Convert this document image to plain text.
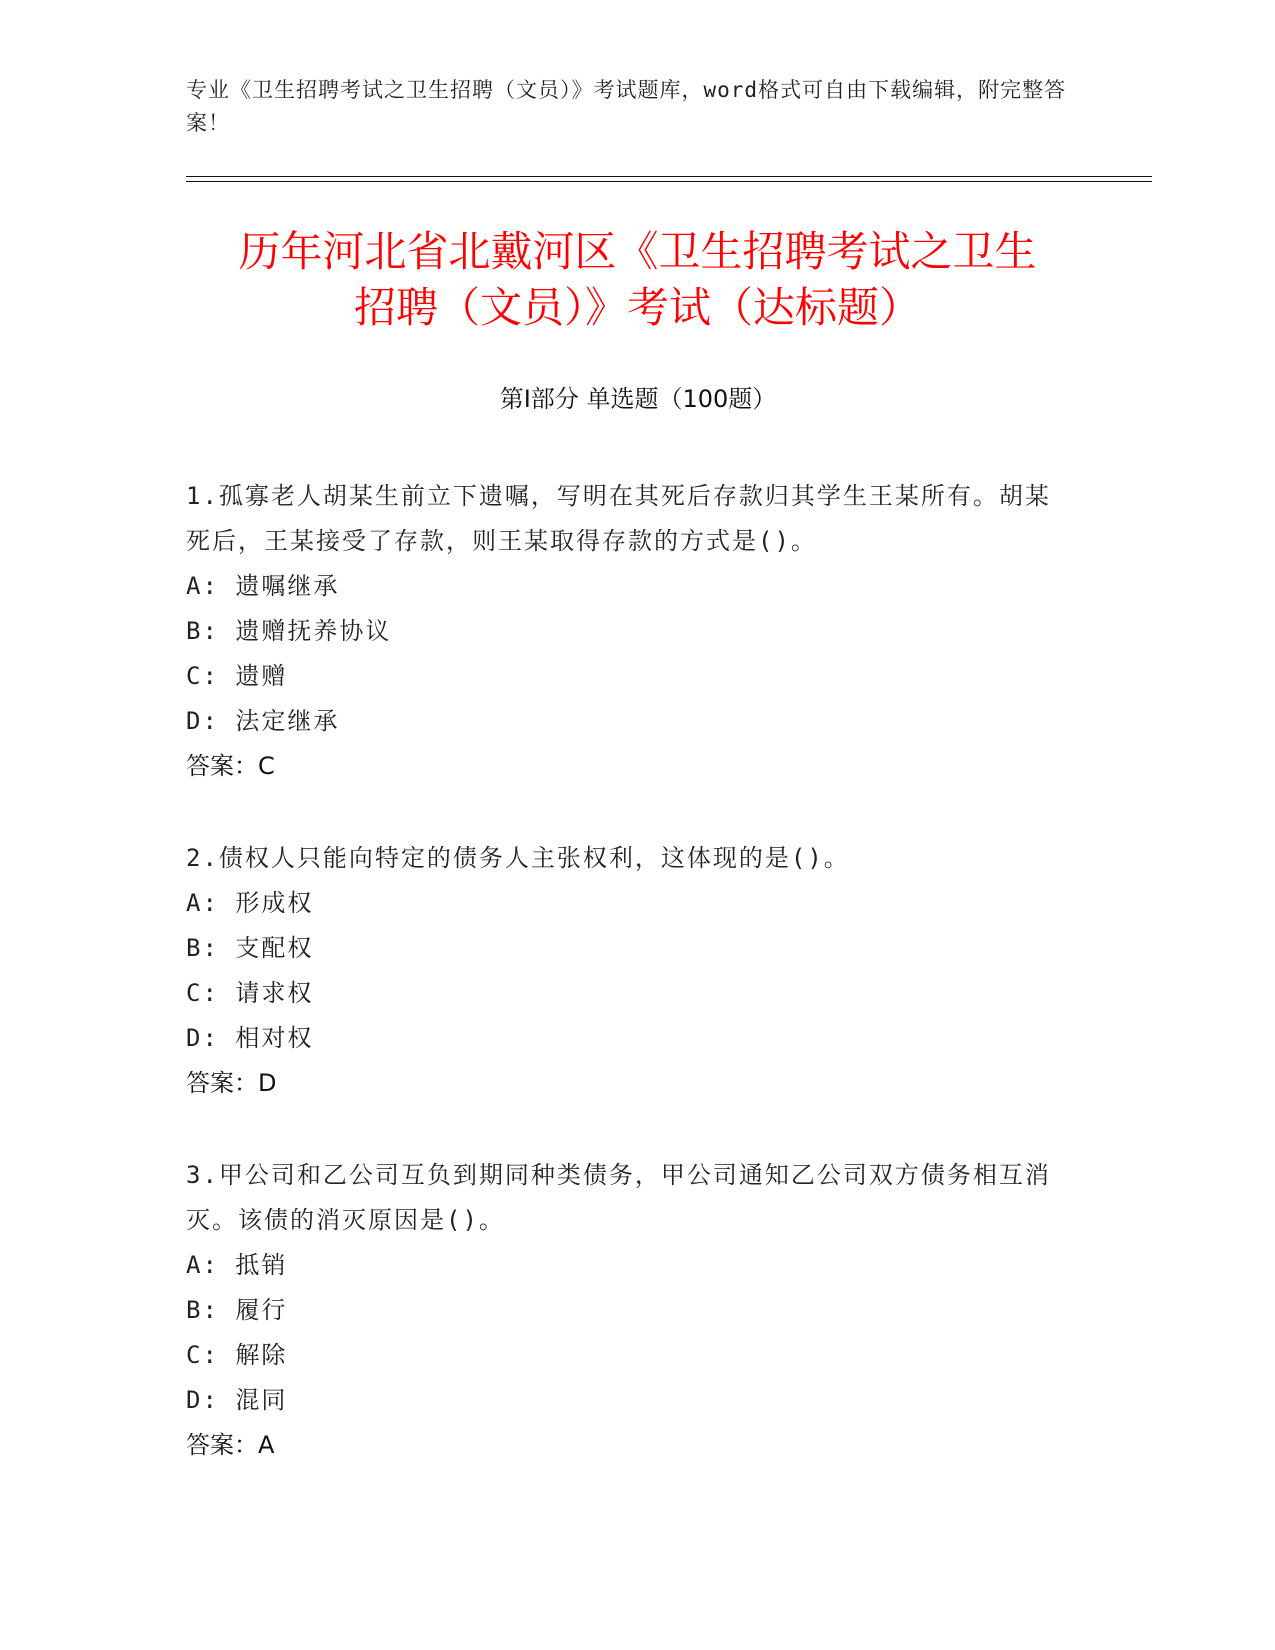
专业《卫生招聘考试之卫生招聘（文员）》考试题库，word格式可自由下载编辑，附完整答案！
历年河北省北戴河区《卫生招聘考试之卫生
招聘（文员）》考试（达标题）
第Ⅰ部分 单选题（100题）

1.孤寡老人胡某生前立下遗嘱，写明在其死后存款归其学生王某所有。胡某死后，王某接受了存款，则王某取得存款的方式是()。

A: 遗嘱继承

B: 遗赠抚养协议

C: 遗赠

D: 法定继承

答案：C

2.债权人只能向特定的债务人主张权利，这体现的是()。

A: 形成权

B: 支配权

C: 请求权

D: 相对权

答案：D

3.甲公司和乙公司互负到期同种类债务，甲公司通知乙公司双方债务相互消灭。该债的消灭原因是()。

A: 抵销

B: 履行

C: 解除

D: 混同

答案：A
